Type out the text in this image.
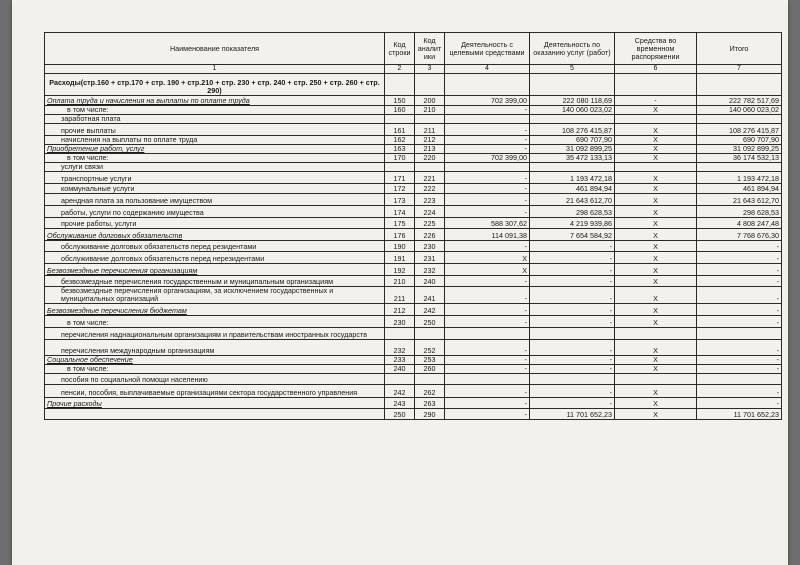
Наименование показателя	Код строки	Код аналит ики	Деятельность с целевыми средствами	Деятельность по оказанию услуг (работ)	Средства во временном распоряжении	Итого
1	2	3	4	5	6	7
Расходы(стр.160 + стр.170 + стр. 190 + стр.210 + стр. 230 + стр. 240 + стр. 250 + стр. 260 + стр. 290)						
Оплата труда и начисления на выплаты по оплате труда	150	200	702 399,00	222 080 118,69	-	222 782 517,69
в том числе:	160	210	-	140 060 023,02	Х	140 060 023,02
заработная плата						
прочие выплаты	161	211	-	108 276 415,87	Х	108 276 415,87
начисления на выплаты по оплате труда	162	212	-	690 707,90	Х	690 707,90
Приобретение работ, услуг	163	213	-	31 092 899,25	Х	31 092 899,25
в том числе:	170	220	702 399,00	35 472 133,13	Х	36 174 532,13
услуги связи						
транспортные услуги	171	221	-	1 193 472,18	Х	1 193 472,18
коммунальные услуги	172	222	-	461 894,94	Х	461 894,94
арендная плата за пользование имуществом	173	223	-	21 643 612,70	Х	21 643 612,70
работы, услуги по содержанию имущества	174	224	-	298 628,53	Х	298 628,53
прочие работы, услуги	175	225	588 307,62	4 219 939,86	Х	4 808 247,48
Обслуживание долговых обязательств	176	226	114 091,38	7 654 584,92	Х	7 768 676,30
обслуживание долговых обязательств перед резидентами	190	230	-	-	Х	-
обслуживание долговых обязательств перед нерезидентами	191	231	Х	-	Х	-
Безвозмездные перечисления организациям	192	232	Х	-	Х	-
безвозмездные перечисления государственным и муниципальным организациям	210	240	-	-	Х	-
безвозмездные перечисления организациям, за исключением государственных и муниципальных организаций	211	241	-	-	Х	-
Безвозмездные перечисления бюджетам	212	242	-	-	Х	-
в том числе:	230	250	-	-	Х	-
перечисления наднациональным организациям и правительствам иностранных государств						
перечисления международным организациям	232	252	-	-	Х	-
Социальное обеспечение	233	253	-	-	Х	-
в том числе:	240	260	-	-	Х	-
пособия по социальной помощи населению						
пенсии, пособия, выплачиваемые организациями сектора государственного управления	242	262	-	-	Х	-
Прочие расходы	243	263	-	-	Х	-
	250	290	-	11 701 652,23	Х	11 701 652,23
